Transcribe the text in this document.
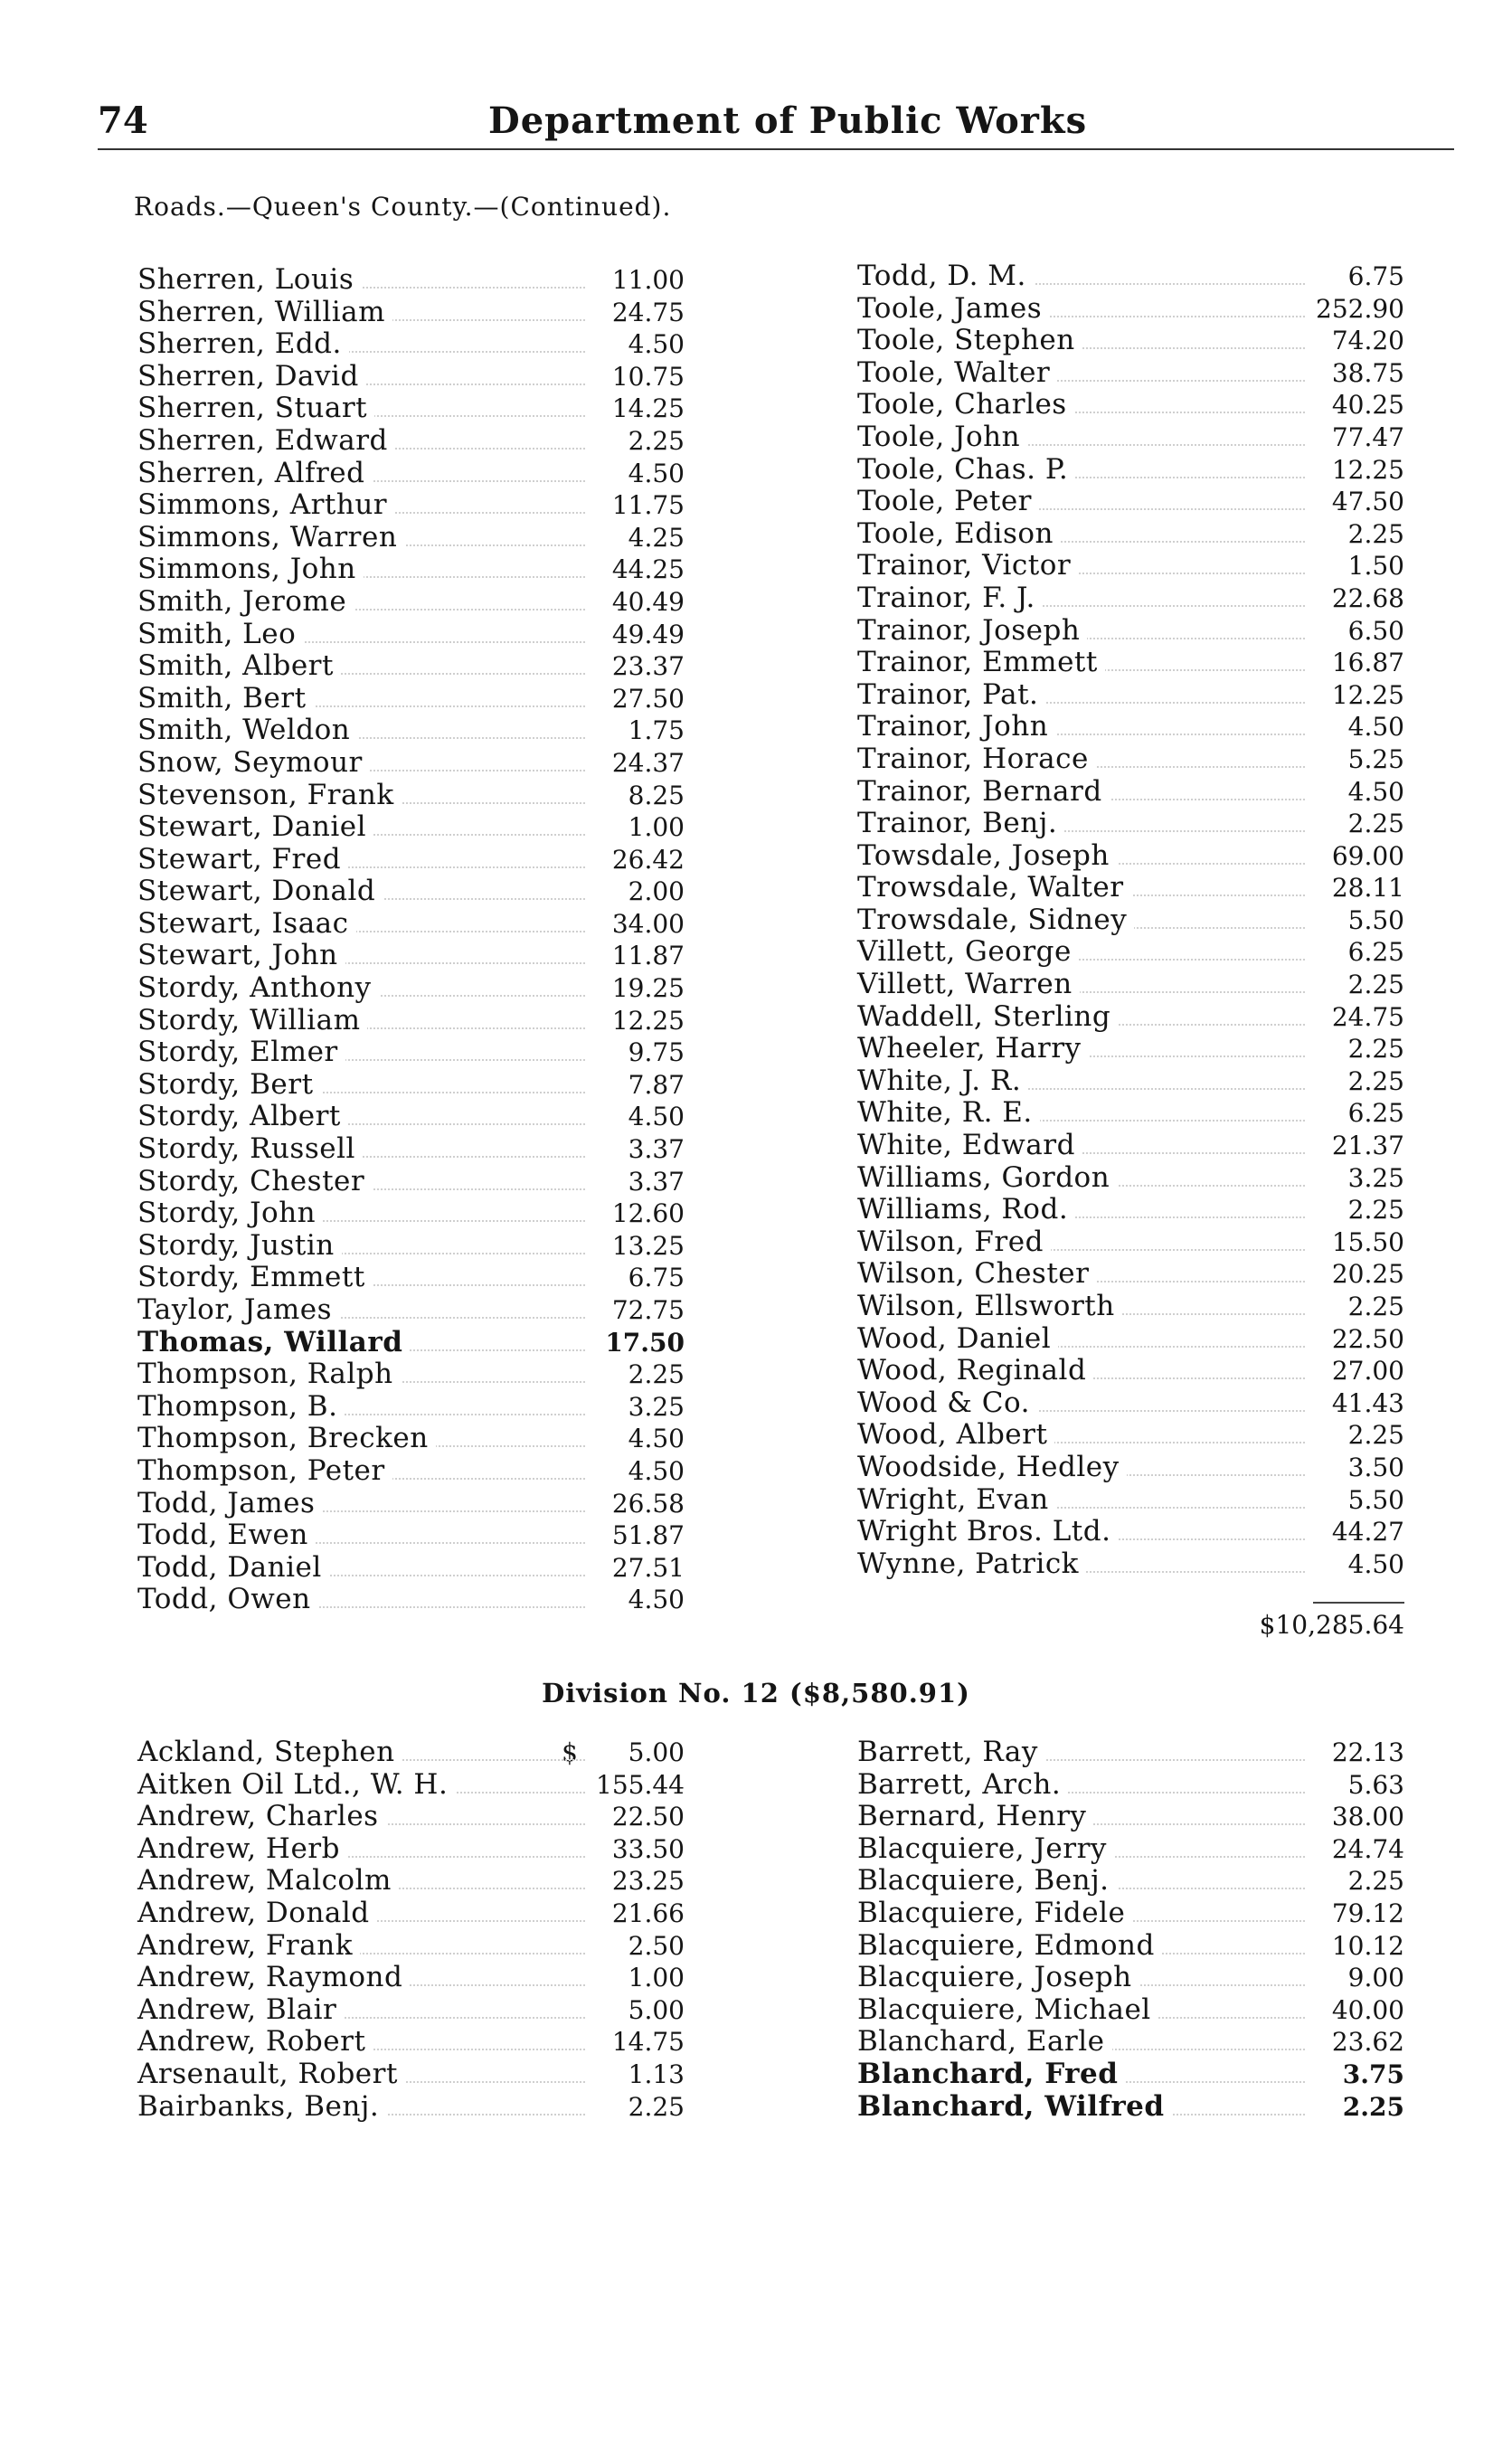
74	Department of Public Works
Roads.—Queen's County.—(Continued).
Sherren, Louis	11.00
Sherren, William	24.75
Sherren, Edd.	4.50
Sherren, David	10.75
Sherren, Stuart	14.25
Sherren, Edward	2.25
Sherren, Alfred	4.50
Simmons, Arthur	11.75
Simmons, Warren	4.25
Simmons, John	44.25
Smith, Jerome	40.49
Smith, Leo	49.49
Smith, Albert	23.37
Smith, Bert	27.50
Smith, Weldon	1.75
Snow, Seymour	24.37
Stevenson, Frank	8.25
Stewart, Daniel	1.00
Stewart, Fred	26.42
Stewart, Donald	2.00
Stewart, Isaac	34.00
Stewart, John	11.87
Stordy, Anthony	19.25
Stordy, William	12.25
Stordy, Elmer	9.75
Stordy, Bert	7.87
Stordy, Albert	4.50
Stordy, Russell	3.37
Stordy, Chester	3.37
Stordy, John	12.60
Stordy, Justin	13.25
Stordy, Emmett	6.75
Taylor, James	72.75
Thomas, Willard	17.50
Thompson, Ralph	2.25
Thompson, B.	3.25
Thompson, Brecken	4.50
Thompson, Peter	4.50
Todd, James	26.58
Todd, Ewen	51.87
Todd, Daniel	27.51
Todd, Owen	4.50
Todd, D. M.	6.75
Toole, James	252.90
Toole, Stephen	74.20
Toole, Walter	38.75
Toole, Charles	40.25
Toole, John	77.47
Toole, Chas. P.	12.25
Toole, Peter	47.50
Toole, Edison	2.25
Trainor, Victor	1.50
Trainor, F. J.	22.68
Trainor, Joseph	6.50
Trainor, Emmett	16.87
Trainor, Pat.	12.25
Trainor, John	4.50
Trainor, Horace	5.25
Trainor, Bernard	4.50
Trainor, Benj.	2.25
Towsdale, Joseph	69.00
Trowsdale, Walter	28.11
Trowsdale, Sidney	5.50
Villett, George	6.25
Villett, Warren	2.25
Waddell, Sterling	24.75
Wheeler, Harry	2.25
White, J. R.	2.25
White, R. E.	6.25
White, Edward	21.37
Williams, Gordon	3.25
Williams, Rod.	2.25
Wilson, Fred	15.50
Wilson, Chester	20.25
Wilson, Ellsworth	2.25
Wood, Daniel	22.50
Wood, Reginald	27.00
Wood & Co.	41.43
Wood, Albert	2.25
Woodside, Hedley	3.50
Wright, Evan	5.50
Wright Bros. Ltd.	44.27
Wynne, Patrick	4.50
$10,285.64
Division No. 12 ($8,580.91)
Ackland, Stephen	$ 5.00
Aitken Oil Ltd., W. H.	155.44
Andrew, Charles	22.50
Andrew, Herb	33.50
Andrew, Malcolm	23.25
Andrew, Donald	21.66
Andrew, Frank	2.50
Andrew, Raymond	1.00
Andrew, Blair	5.00
Andrew, Robert	14.75
Arsenault, Robert	1.13
Bairbanks, Benj.	2.25
Barrett, Ray	22.13
Barrett, Arch.	5.63
Bernard, Henry	38.00
Blacquiere, Jerry	24.74
Blacquiere, Benj.	2.25
Blacquiere, Fidele	79.12
Blacquiere, Edmond	10.12
Blacquiere, Joseph	9.00
Blacquiere, Michael	40.00
Blanchard, Earle	23.62
Blanchard, Fred	3.75
Blanchard, Wilfred	2.25
